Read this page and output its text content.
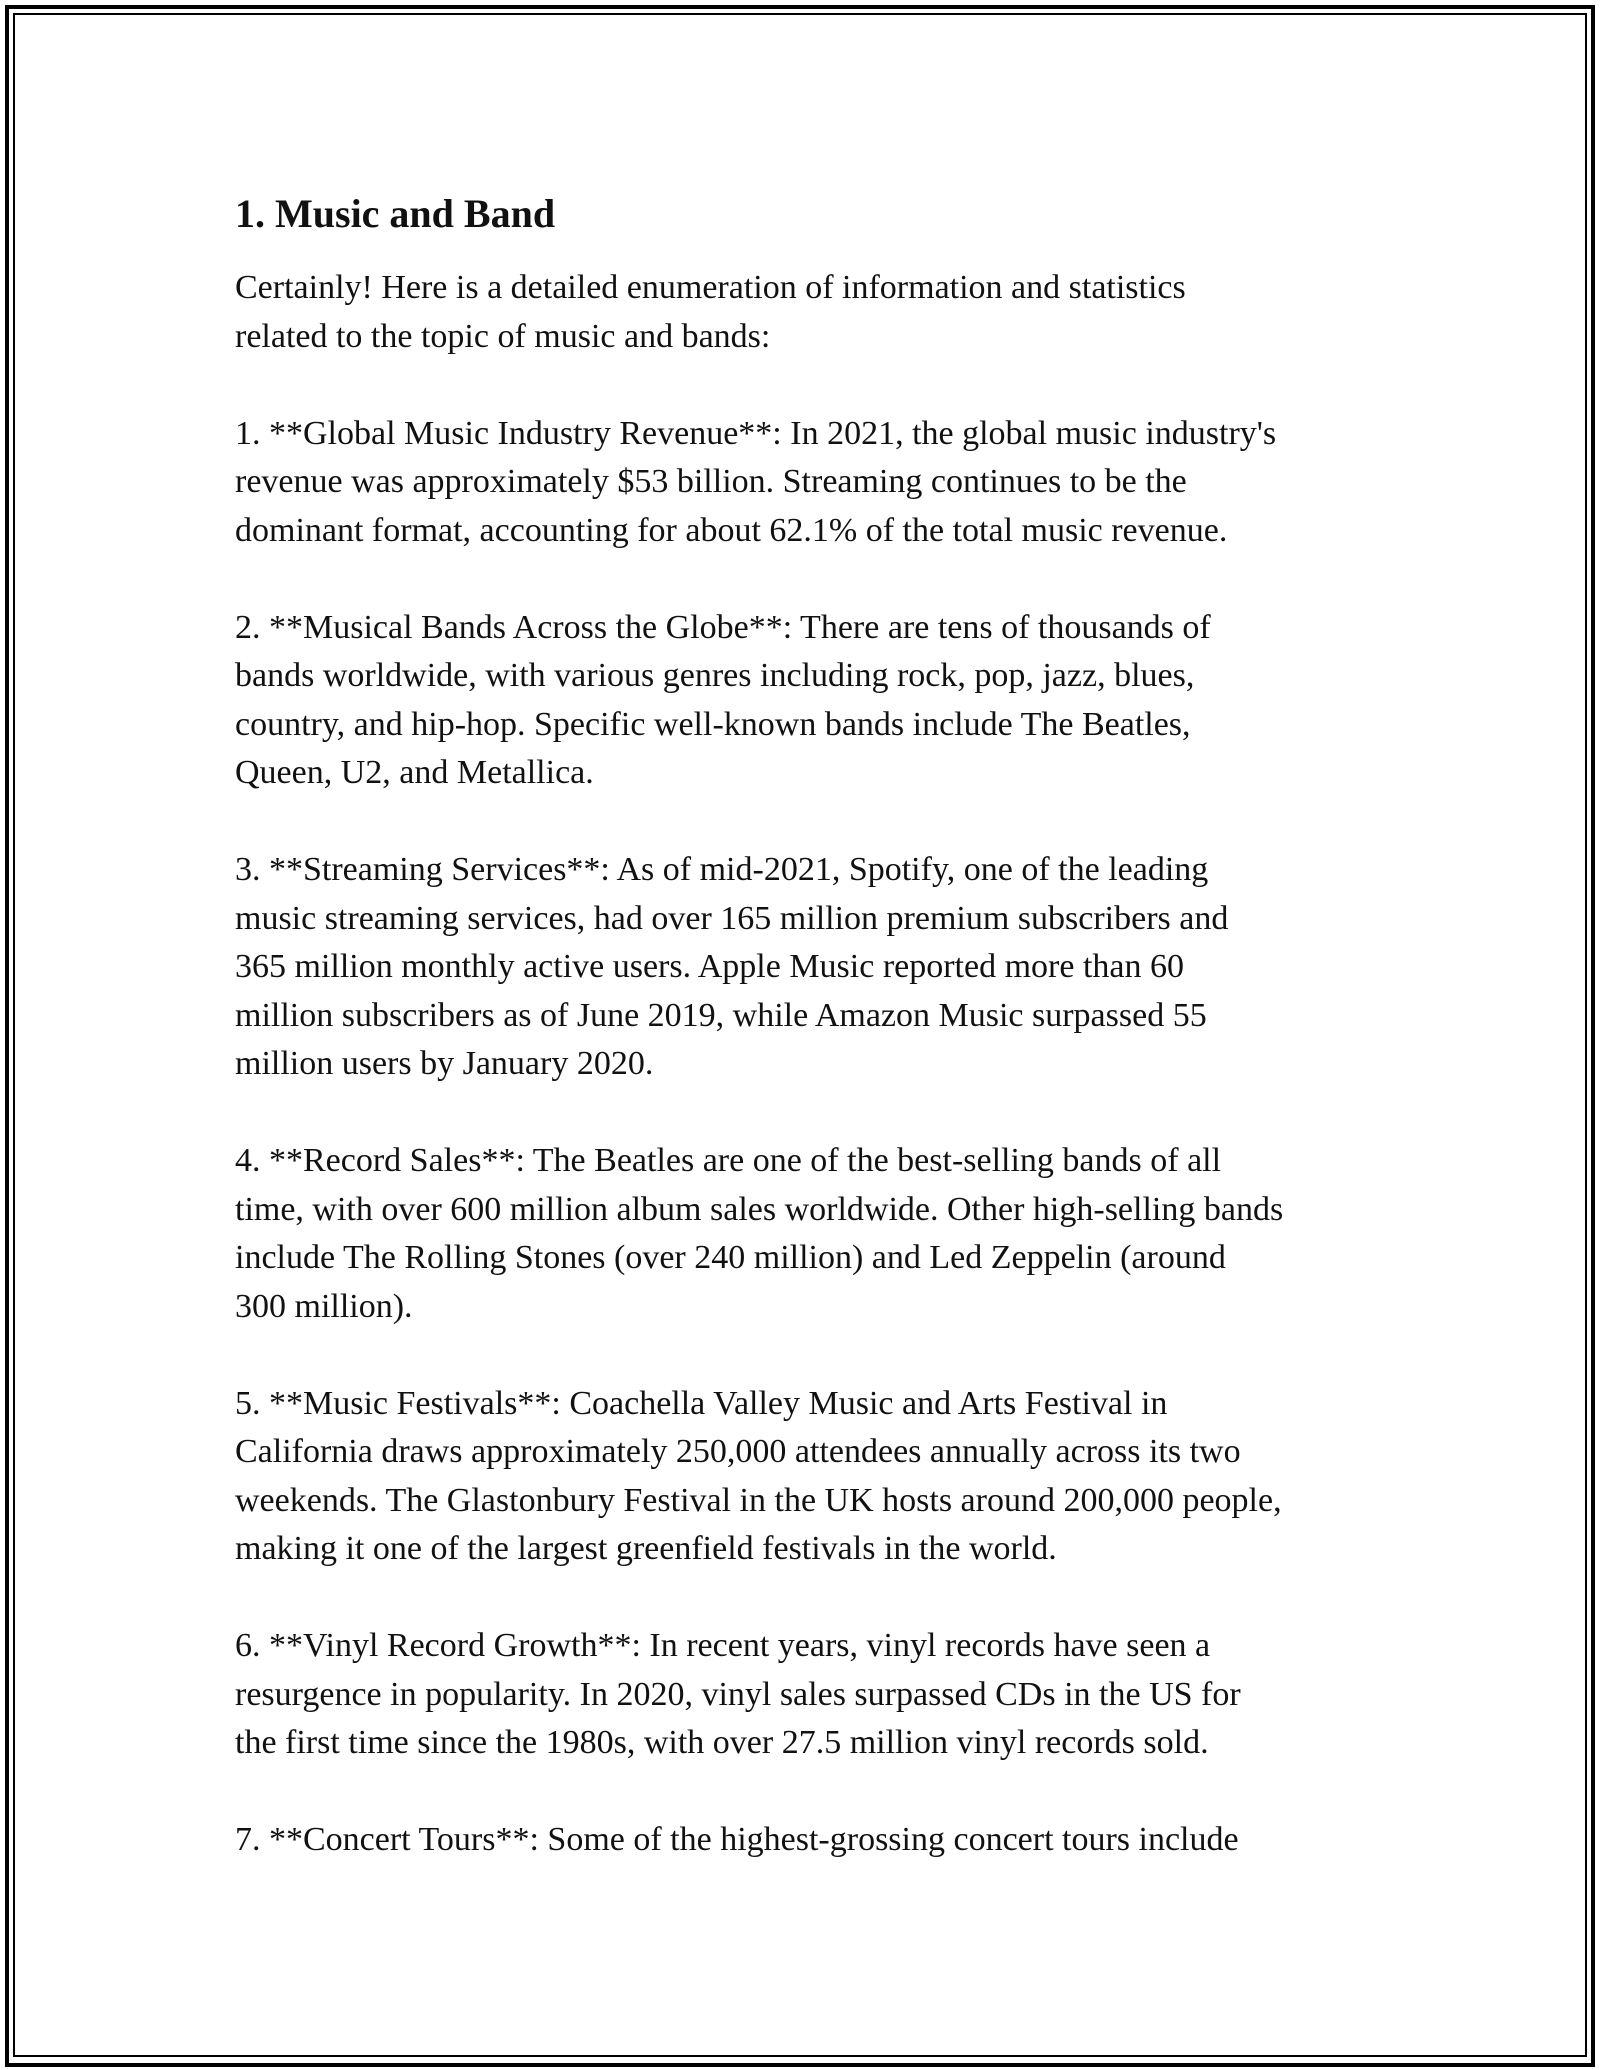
1. Music and Band

Certainly! Here is a detailed enumeration of information and statistics
related to the topic of music and bands:

1. **Global Music Industry Revenue**: In 2021, the global music industry's
revenue was approximately $53 billion. Streaming continues to be the
dominant format, accounting for about 62.1% of the total music revenue.

2. **Musical Bands Across the Globe**: There are tens of thousands of
bands worldwide, with various genres including rock, pop, jazz, blues,
country, and hip-hop. Specific well-known bands include The Beatles,
Queen, U2, and Metallica.

3. **Streaming Services**: As of mid-2021, Spotify, one of the leading
music streaming services, had over 165 million premium subscribers and
365 million monthly active users. Apple Music reported more than 60
million subscribers as of June 2019, while Amazon Music surpassed 55
million users by January 2020.

4. **Record Sales**: The Beatles are one of the best-selling bands of all
time, with over 600 million album sales worldwide. Other high-selling bands
include The Rolling Stones (over 240 million) and Led Zeppelin (around
300 million).

5. **Music Festivals**: Coachella Valley Music and Arts Festival in
California draws approximately 250,000 attendees annually across its two
weekends. The Glastonbury Festival in the UK hosts around 200,000 people,
making it one of the largest greenfield festivals in the world.

6. **Vinyl Record Growth**: In recent years, vinyl records have seen a
resurgence in popularity. In 2020, vinyl sales surpassed CDs in the US for
the first time since the 1980s, with over 27.5 million vinyl records sold.

7. **Concert Tours**: Some of the highest-grossing concert tours include
